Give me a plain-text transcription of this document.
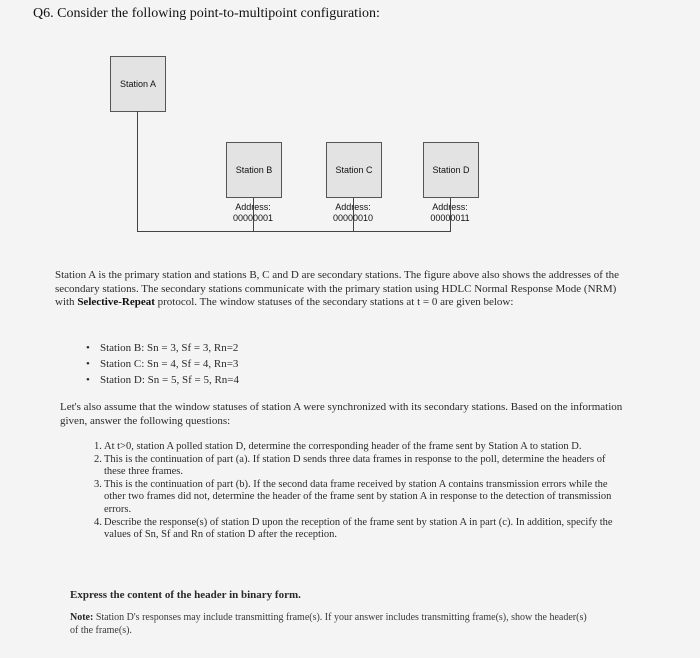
Q6. Consider the following point-to-multipoint configuration:
Station A
Station B	Station C	Station D
Address:
00000001
Address:
00000010
Address:
00000011
Station A is the primary station and stations B, C and D are secondary stations. The figure above also shows the addresses of the secondary stations. The secondary stations communicate with the primary station using HDLC Normal Response Mode (NRM) with Selective-Repeat protocol. The window statuses of the secondary stations at t = 0 are given below:
• Station B: Sn = 3, Sf = 3, Rn=2
• Station C: Sn = 4, Sf = 4, Rn=3
• Station D: Sn = 5, Sf = 5, Rn=4
Let's also assume that the window statuses of station A were synchronized with its secondary stations. Based on the information given, answer the following questions:
1. At t>0, station A polled station D, determine the corresponding header of the frame sent by Station A to station D.
2. This is the continuation of part (a). If station D sends three data frames in response to the poll, determine the headers of these three frames.
3. This is the continuation of part (b). If the second data frame received by station A contains transmission errors while the other two frames did not, determine the header of the frame sent by station A in response to the detection of transmission errors.
4. Describe the response(s) of station D upon the reception of the frame sent by station A in part (c). In addition, specify the values of Sn, Sf and Rn of station D after the reception.
Express the content of the header in binary form.
Note: Station D's responses may include transmitting frame(s). If your answer includes transmitting frame(s), show the header(s) of the frame(s).
